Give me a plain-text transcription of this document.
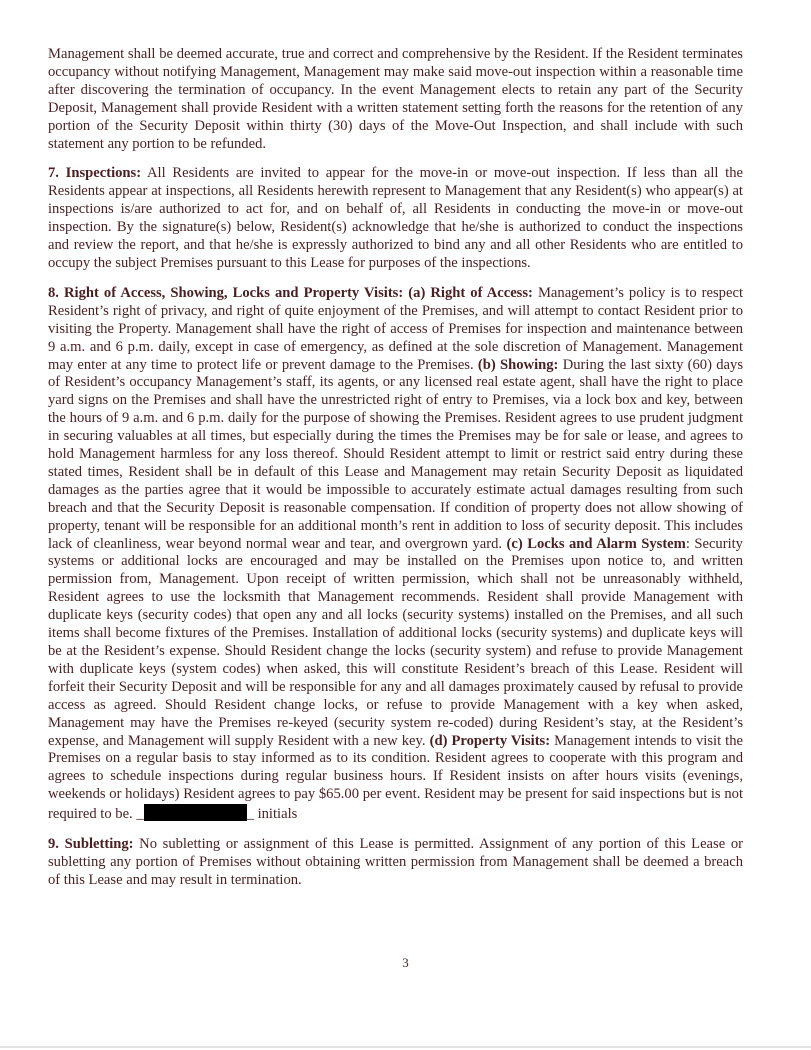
Management shall be deemed accurate, true and correct and comprehensive by the Resident. If the Resident terminates occupancy without notifying Management, Management may make said move-out inspection within a reasonable time after discovering the termination of occupancy. In the event Management elects to retain any part of the Security Deposit, Management shall provide Resident with a written statement setting forth the reasons for the retention of any portion of the Security Deposit within thirty (30) days of the Move-Out Inspection, and shall include with such statement any portion to be refunded.

7. Inspections: All Residents are invited to appear for the move-in or move-out inspection. If less than all the Residents appear at inspections, all Residents herewith represent to Management that any Resident(s) who appear(s) at inspections is/are authorized to act for, and on behalf of, all Residents in conducting the move-in or move-out inspection. By the signature(s) below, Resident(s) acknowledge that he/she is authorized to conduct the inspections and review the report, and that he/she is expressly authorized to bind any and all other Residents who are entitled to occupy the subject Premises pursuant to this Lease for purposes of the inspections.

8. Right of Access, Showing, Locks and Property Visits: (a) Right of Access: Management’s policy is to respect Resident’s right of privacy, and right of quite enjoyment of the Premises, and will attempt to contact Resident prior to visiting the Property. Management shall have the right of access of Premises for inspection and maintenance between 9 a.m. and 6 p.m. daily, except in case of emergency, as defined at the sole discretion of Management. Management may enter at any time to protect life or prevent damage to the Premises. (b) Showing: During the last sixty (60) days of Resident’s occupancy Management’s staff, its agents, or any licensed real estate agent, shall have the right to place yard signs on the Premises and shall have the unrestricted right of entry to Premises, via a lock box and key, between the hours of 9 a.m. and 6 p.m. daily for the purpose of showing the Premises. Resident agrees to use prudent judgment in securing valuables at all times, but especially during the times the Premises may be for sale or lease, and agrees to hold Management harmless for any loss thereof. Should Resident attempt to limit or restrict said entry during these stated times, Resident shall be in default of this Lease and Management may retain Security Deposit as liquidated damages as the parties agree that it would be impossible to accurately estimate actual damages resulting from such breach and that the Security Deposit is reasonable compensation. If condition of property does not allow showing of property, tenant will be responsible for an additional month’s rent in addition to loss of security deposit. This includes lack of cleanliness, wear beyond normal wear and tear, and overgrown yard. (c) Locks and Alarm System: Security systems or additional locks are encouraged and may be installed on the Premises upon notice to, and written permission from, Management. Upon receipt of written permission, which shall not be unreasonably withheld, Resident agrees to use the locksmith that Management recommends. Resident shall provide Management with duplicate keys (security codes) that open any and all locks (security systems) installed on the Premises, and all such items shall become fixtures of the Premises. Installation of additional locks (security systems) and duplicate keys will be at the Resident’s expense. Should Resident change the locks (security system) and refuse to provide Management with duplicate keys (system codes) when asked, this will constitute Resident’s breach of this Lease. Resident will forfeit their Security Deposit and will be responsible for any and all damages proximately caused by refusal to provide access as agreed. Should Resident change locks, or refuse to provide Management with a key when asked, Management may have the Premises re-keyed (security system re-coded) during Resident’s stay, at the Resident’s expense, and Management will supply Resident with a new key. (d) Property Visits: Management intends to visit the Premises on a regular basis to stay informed as to its condition. Resident agrees to cooperate with this program and agrees to schedule inspections during regular business hours. If Resident insists on after hours visits (evenings, weekends or holidays) Resident agrees to pay $65.00 per event. Resident may be present for said inspections but is not required to be. _	_ initials

9. Subletting: No subletting or assignment of this Lease is permitted. Assignment of any portion of this Lease or subletting any portion of Premises without obtaining written permission from Management shall be deemed a breach of this Lease and may result in termination.

3
